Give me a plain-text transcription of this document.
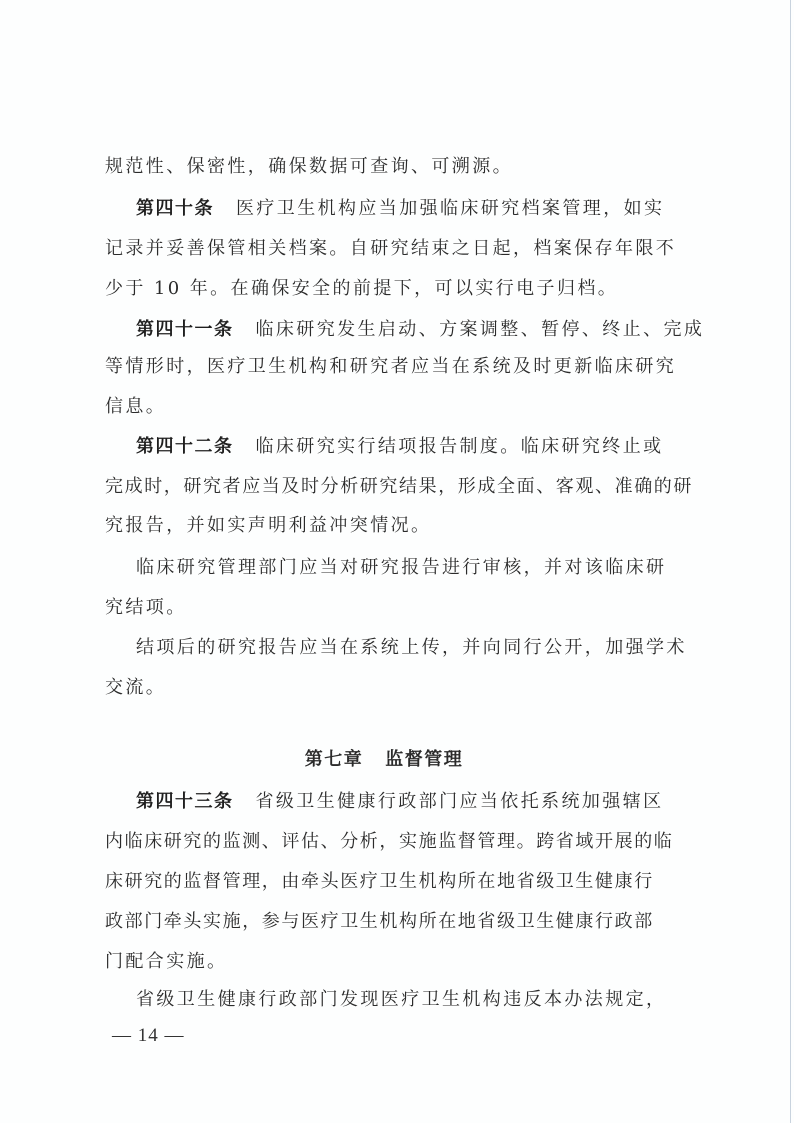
规范性、保密性，确保数据可查询、可溯源。
第四十条 医疗卫生机构应当加强临床研究档案管理，如实
记录并妥善保管相关档案。自研究结束之日起，档案保存年限不
少于 10 年。在确保安全的前提下，可以实行电子归档。
第四十一条 临床研究发生启动、方案调整、暂停、终止、完成
等情形时，医疗卫生机构和研究者应当在系统及时更新临床研究
信息。
第四十二条 临床研究实行结项报告制度。临床研究终止或
完成时，研究者应当及时分析研究结果，形成全面、客观、准确的研
究报告，并如实声明利益冲突情况。
临床研究管理部门应当对研究报告进行审核，并对该临床研
究结项。
结项后的研究报告应当在系统上传，并向同行公开，加强学术
交流。
第七章 监督管理
第四十三条 省级卫生健康行政部门应当依托系统加强辖区
内临床研究的监测、评估、分析，实施监督管理。跨省域开展的临
床研究的监督管理，由牵头医疗卫生机构所在地省级卫生健康行
政部门牵头实施，参与医疗卫生机构所在地省级卫生健康行政部
门配合实施。
省级卫生健康行政部门发现医疗卫生机构违反本办法规定，
— 14 —
